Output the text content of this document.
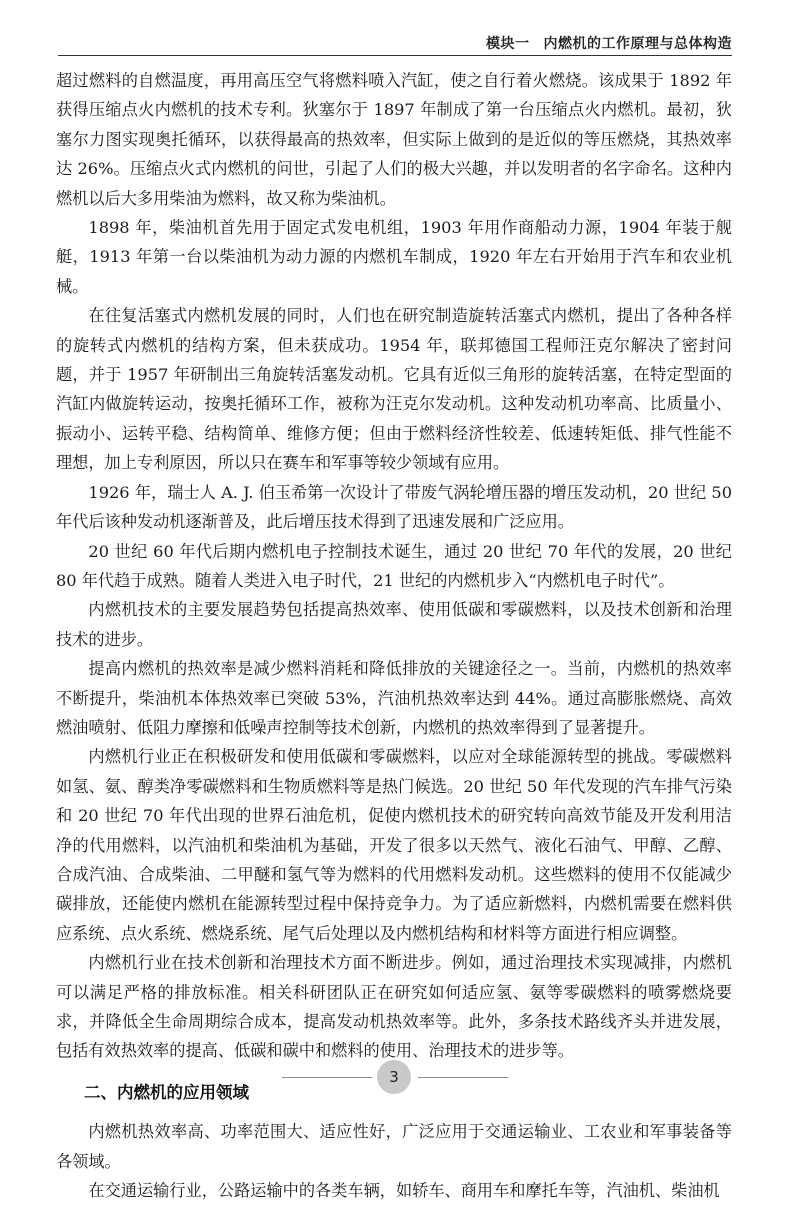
模块一 内燃机的工作原理与总体构造

超过燃料的自燃温度，再用高压空气将燃料喷入汽缸，使之自行着火燃烧。该成果于 1892 年获得压缩点火内燃机的技术专利。狄塞尔于 1897 年制成了第一台压缩点火内燃机。最初，狄塞尔力图实现奥托循环，以获得最高的热效率，但实际上做到的是近似的等压燃烧，其热效率达 26%。压缩点火式内燃机的问世，引起了人们的极大兴趣，并以发明者的名字命名。这种内燃机以后大多用柴油为燃料，故又称为柴油机。

1898 年，柴油机首先用于固定式发电机组，1903 年用作商船动力源，1904 年装于舰艇，1913 年第一台以柴油机为动力源的内燃机车制成，1920 年左右开始用于汽车和农业机械。

在往复活塞式内燃机发展的同时，人们也在研究制造旋转活塞式内燃机，提出了各种各样的旋转式内燃机的结构方案，但未获成功。1954 年，联邦德国工程师汪克尔解决了密封问题，并于 1957 年研制出三角旋转活塞发动机。它具有近似三角形的旋转活塞，在特定型面的汽缸内做旋转运动，按奥托循环工作，被称为汪克尔发动机。这种发动机功率高、比质量小、振动小、运转平稳、结构简单、维修方便；但由于燃料经济性较差、低速转矩低、排气性能不理想，加上专利原因，所以只在赛车和军事等较少领域有应用。

1926 年，瑞士人 A. J. 伯玉希第一次设计了带废气涡轮增压器的增压发动机，20 世纪 50 年代后该种发动机逐渐普及，此后增压技术得到了迅速发展和广泛应用。

20 世纪 60 年代后期内燃机电子控制技术诞生，通过 20 世纪 70 年代的发展，20 世纪 80 年代趋于成熟。随着人类进入电子时代，21 世纪的内燃机步入“内燃机电子时代”。

内燃机技术的主要发展趋势包括提高热效率、使用低碳和零碳燃料，以及技术创新和治理技术的进步。

提高内燃机的热效率是减少燃料消耗和降低排放的关键途径之一。当前，内燃机的热效率不断提升，柴油机本体热效率已突破 53%，汽油机热效率达到 44%。通过高膨胀燃烧、高效燃油喷射、低阻力摩擦和低噪声控制等技术创新，内燃机的热效率得到了显著提升。

内燃机行业正在积极研发和使用低碳和零碳燃料，以应对全球能源转型的挑战。零碳燃料如氢、氨、醇类净零碳燃料和生物质燃料等是热门候选。20 世纪 50 年代发现的汽车排气污染和 20 世纪 70 年代出现的世界石油危机，促使内燃机技术的研究转向高效节能及开发利用洁净的代用燃料，以汽油机和柴油机为基础，开发了很多以天然气、液化石油气、甲醇、乙醇、合成汽油、合成柴油、二甲醚和氢气等为燃料的代用燃料发动机。这些燃料的使用不仅能减少碳排放，还能使内燃机在能源转型过程中保持竞争力。为了适应新燃料，内燃机需要在燃料供应系统、点火系统、燃烧系统、尾气后处理以及内燃机结构和材料等方面进行相应调整。

内燃机行业在技术创新和治理技术方面不断进步。例如，通过治理技术实现减排，内燃机可以满足严格的排放标准。相关科研团队正在研究如何适应氢、氨等零碳燃料的喷雾燃烧要求，并降低全生命周期综合成本，提高发动机热效率等。此外，多条技术路线齐头并进发展，包括有效热效率的提高、低碳和碳中和燃料的使用、治理技术的进步等。

二、内燃机的应用领域

内燃机热效率高、功率范围大、适应性好，广泛应用于交通运输业、工农业和军事装备等各领域。

在交通运输行业，公路运输中的各类车辆，如轿车、商用车和摩托车等，汽油机、柴油机

3
